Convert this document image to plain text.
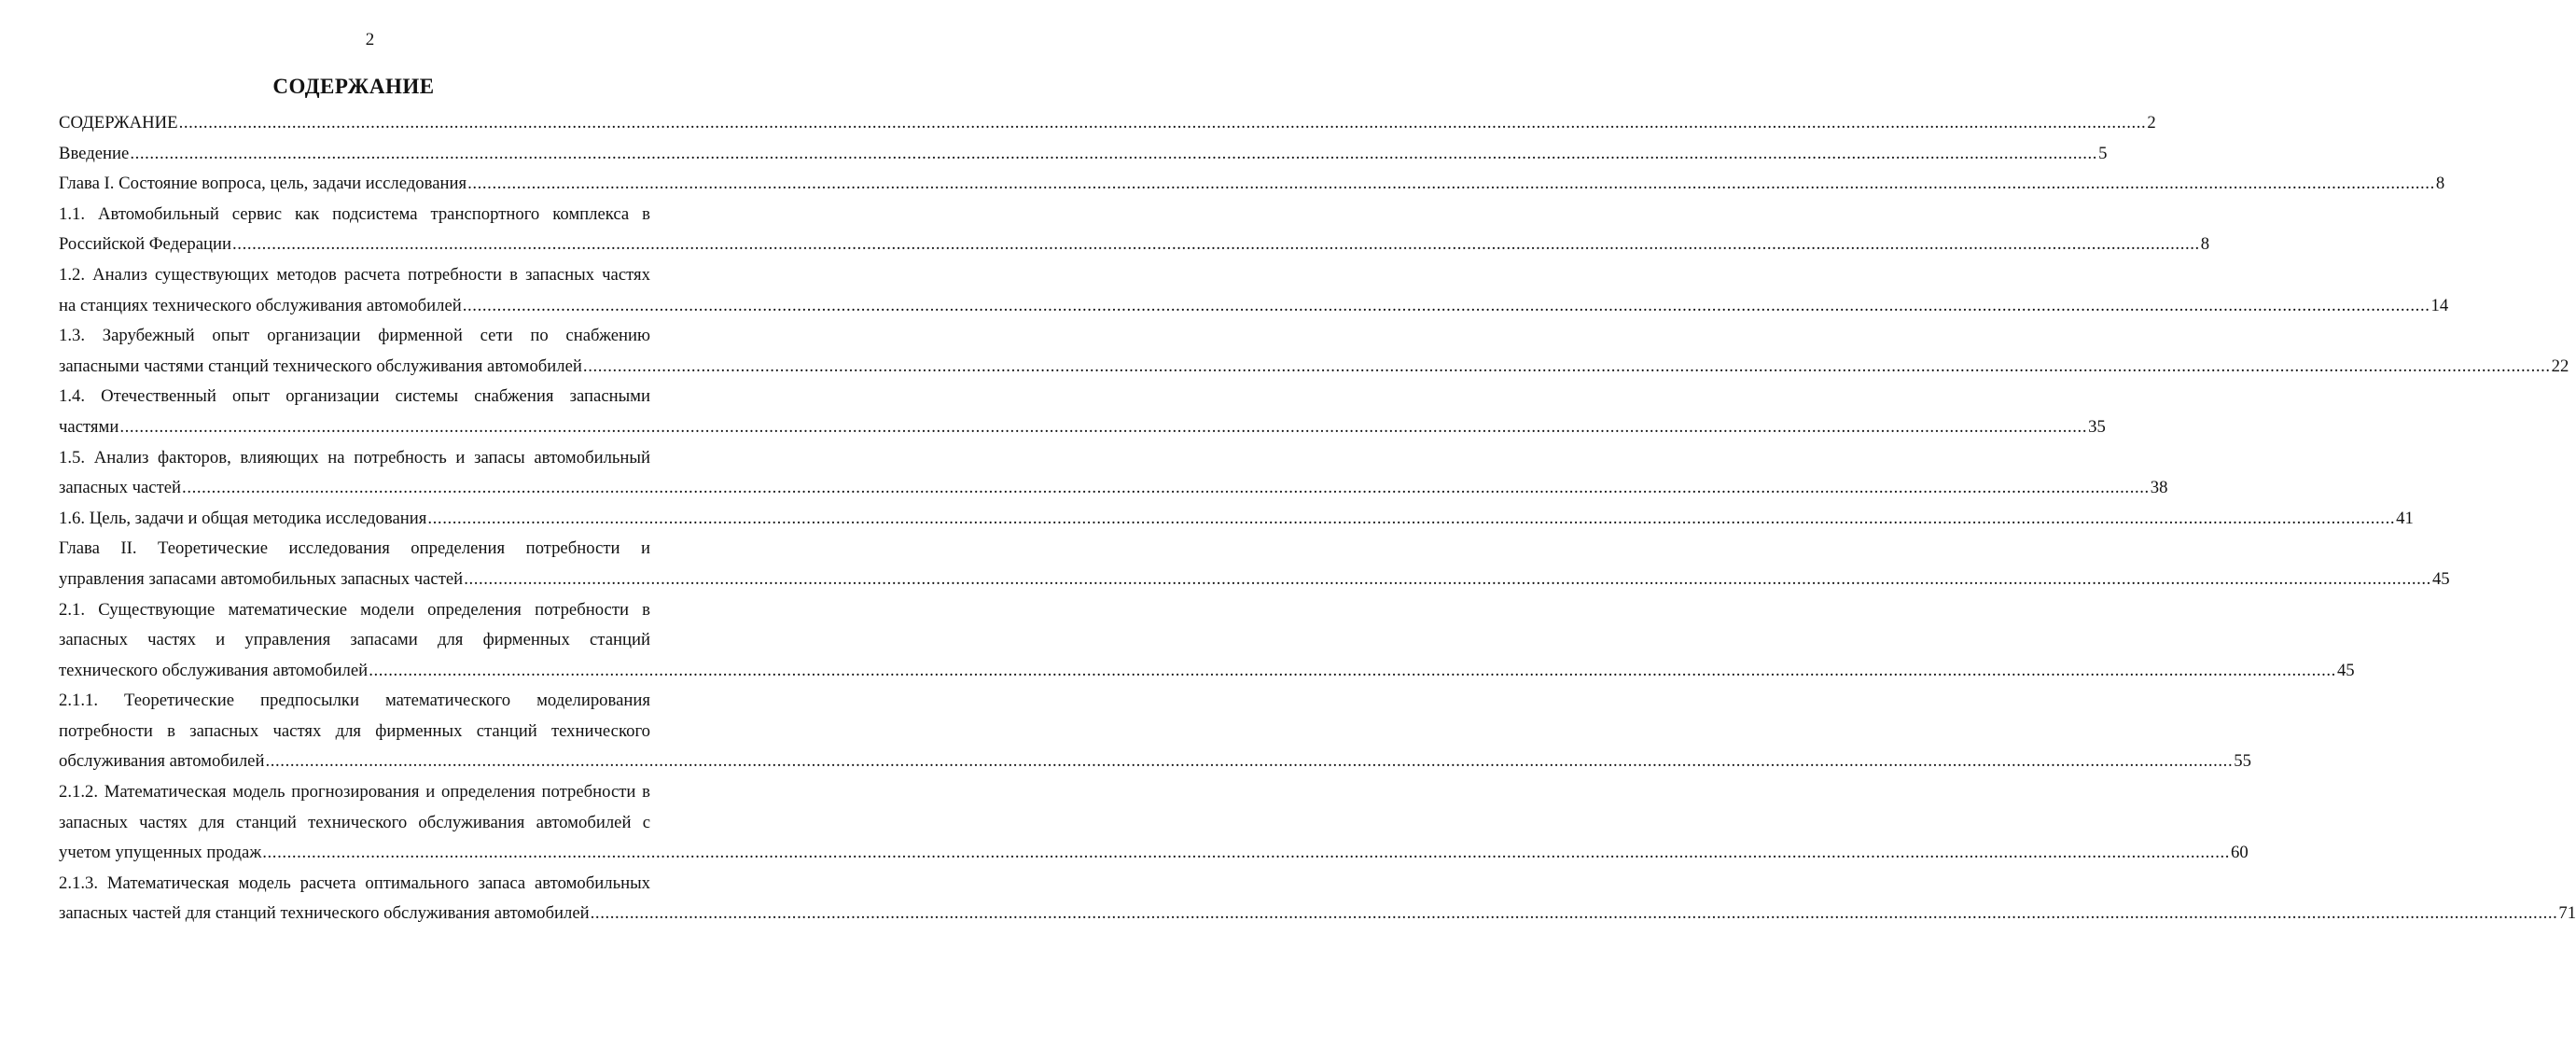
2
СОДЕРЖАНИЕ
СОДЕРЖАНИЕ ................................................................................................................................................................................................................................................................................................................................................................................................................ 2
Введение ................................................................................................................................................................................................................................................................................................................................................................................................................ 5
Глава I. Состояние вопроса, цель, задачи исследования ................................................................................................................................................................................................................................................................................................................................................................................................................ 8
1.1. Автомобильный сервис как подсистема транспортного комплекса в
Российской Федерации ................................................................................................................................................................................................................................................................................................................................................................................................................ 8
1.2. Анализ существующих методов расчета потребности в запасных частях
на станциях технического обслуживания автомобилей ................................................................................................................................................................................................................................................................................................................................................................................................................ 14
1.3. Зарубежный опыт организации фирменной сети по снабжению
запасными частями станций технического обслуживания автомобилей ................................................................................................................................................................................................................................................................................................................................................................................................................ 22
1.4. Отечественный опыт организации системы снабжения запасными
частями ................................................................................................................................................................................................................................................................................................................................................................................................................ 35
1.5. Анализ факторов, влияющих на потребность и запасы автомобильный
запасных частей ................................................................................................................................................................................................................................................................................................................................................................................................................ 38
1.6. Цель, задачи и общая методика исследования ................................................................................................................................................................................................................................................................................................................................................................................................................ 41
Глава II. Теоретические исследования определения потребности и
управления запасами автомобильных запасных частей ................................................................................................................................................................................................................................................................................................................................................................................................................ 45
2.1. Существующие математические модели определения потребности в
запасных частях и управления запасами для фирменных станций
технического обслуживания автомобилей ................................................................................................................................................................................................................................................................................................................................................................................................................ 45
2.1.1. Теоретические предпосылки математического моделирования
потребности в запасных частях для фирменных станций технического
обслуживания автомобилей ................................................................................................................................................................................................................................................................................................................................................................................................................ 55
2.1.2. Математическая модель прогнозирования и определения потребности в
запасных частях для станций технического обслуживания автомобилей с
учетом упущенных продаж ................................................................................................................................................................................................................................................................................................................................................................................................................ 60
2.1.3. Математическая модель расчета оптимального запаса автомобильных
запасных частей для станций технического обслуживания автомобилей ................................................................................................................................................................................................................................................................................................................................................................................................................ 71
